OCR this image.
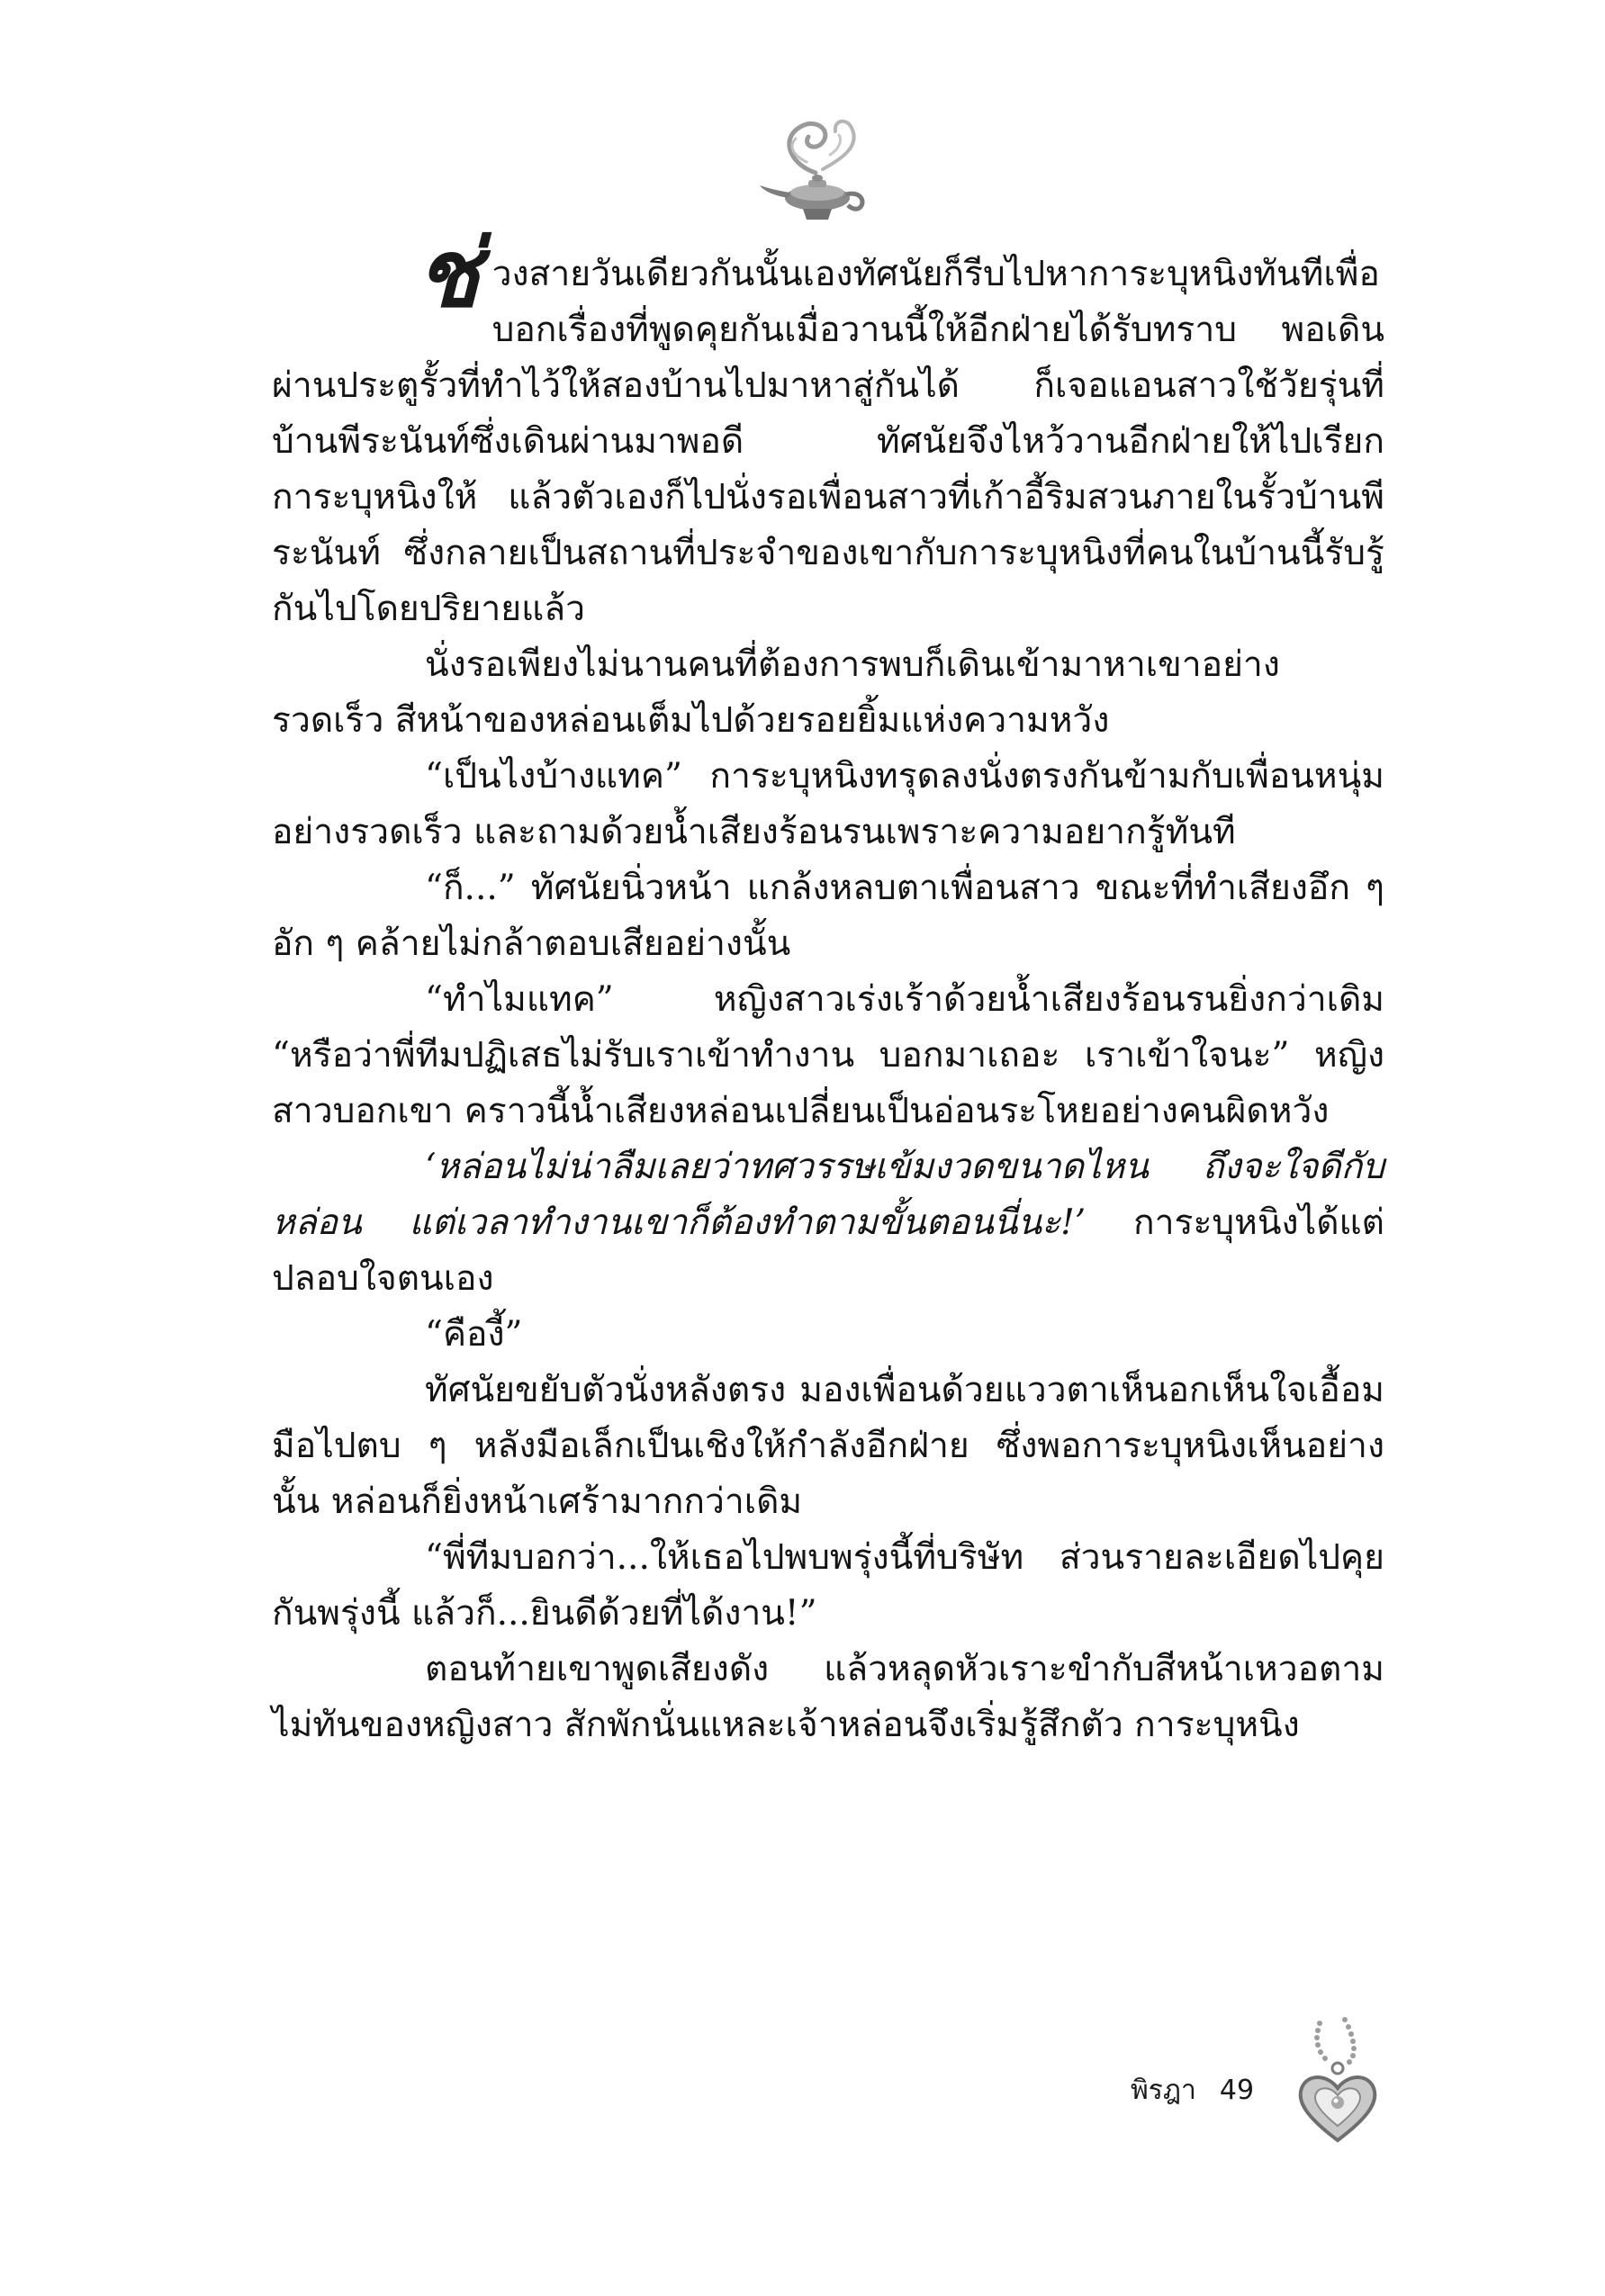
ช่วงสายวันเดียวกันนั้นเองทัศนัยก็รีบไปหาการะบุหนิงทันทีเพื่อบอกเรื่องที่พูดคุยกันเมื่อวานนี้ให้อีกฝ่ายได้รับทราบ พอเดินผ่านประตูรั้วที่ทำไว้ให้สองบ้านไปมาหาสู่กันได้ ก็เจอแอนสาวใช้วัยรุ่นที่บ้านพีระนันท์ซึ่งเดินผ่านมาพอดี ทัศนัยจึงไหว้วานอีกฝ่ายให้ไปเรียกการะบุหนิงให้ แล้วตัวเองก็ไปนั่งรอเพื่อนสาวที่เก้าอี้ริมสวนภายในรั้วบ้านพีระนันท์ ซึ่งกลายเป็นสถานที่ประจำของเขากับการะบุหนิงที่คนในบ้านนี้รับรู้กันไปโดยปริยายแล้ว

นั่งรอเพียงไม่นานคนที่ต้องการพบก็เดินเข้ามาหาเขาอย่างรวดเร็ว สีหน้าของหล่อนเต็มไปด้วยรอยยิ้มแห่งความหวัง

“เป็นไงบ้างแทค” การะบุหนิงทรุดลงนั่งตรงกันข้ามกับเพื่อนหนุ่มอย่างรวดเร็ว และถามด้วยน้ำเสียงร้อนรนเพราะความอยากรู้ทันที

“ก็...” ทัศนัยนิ่วหน้า แกล้งหลบตาเพื่อนสาว ขณะที่ทำเสียงอึก ๆ อัก ๆ คล้ายไม่กล้าตอบเสียอย่างนั้น

“ทำไมแทค” หญิงสาวเร่งเร้าด้วยน้ำเสียงร้อนรนยิ่งกว่าเดิม “หรือว่าพี่ทีมปฏิเสธไม่รับเราเข้าทำงาน บอกมาเถอะ เราเข้าใจนะ” หญิงสาวบอกเขา คราวนี้น้ำเสียงหล่อนเปลี่ยนเป็นอ่อนระโหยอย่างคนผิดหวัง

‘หล่อนไม่น่าลืมเลยว่าทศวรรษเข้มงวดขนาดไหน ถึงจะใจดีกับหล่อน แต่เวลาทำงานเขาก็ต้องทำตามขั้นตอนนี่นะ!’ การะบุหนิงได้แต่ปลอบใจตนเอง

“คืองี้”

ทัศนัยขยับตัวนั่งหลังตรง มองเพื่อนด้วยแววตาเห็นอกเห็นใจเอื้อมมือไปตบ ๆ หลังมือเล็กเป็นเชิงให้กำลังอีกฝ่าย ซึ่งพอการะบุหนิงเห็นอย่างนั้น หล่อนก็ยิ่งหน้าเศร้ามากกว่าเดิม

“พี่ทีมบอกว่า...ให้เธอไปพบพรุ่งนี้ที่บริษัท ส่วนรายละเอียดไปคุยกันพรุ่งนี้ แล้วก็...ยินดีด้วยที่ได้งาน!”

ตอนท้ายเขาพูดเสียงดัง แล้วหลุดหัวเราะขำกับสีหน้าเหวอตามไม่ทันของหญิงสาว สักพักนั่นแหละเจ้าหล่อนจึงเริ่มรู้สึกตัว การะบุหนิง

พิรฎา 49
